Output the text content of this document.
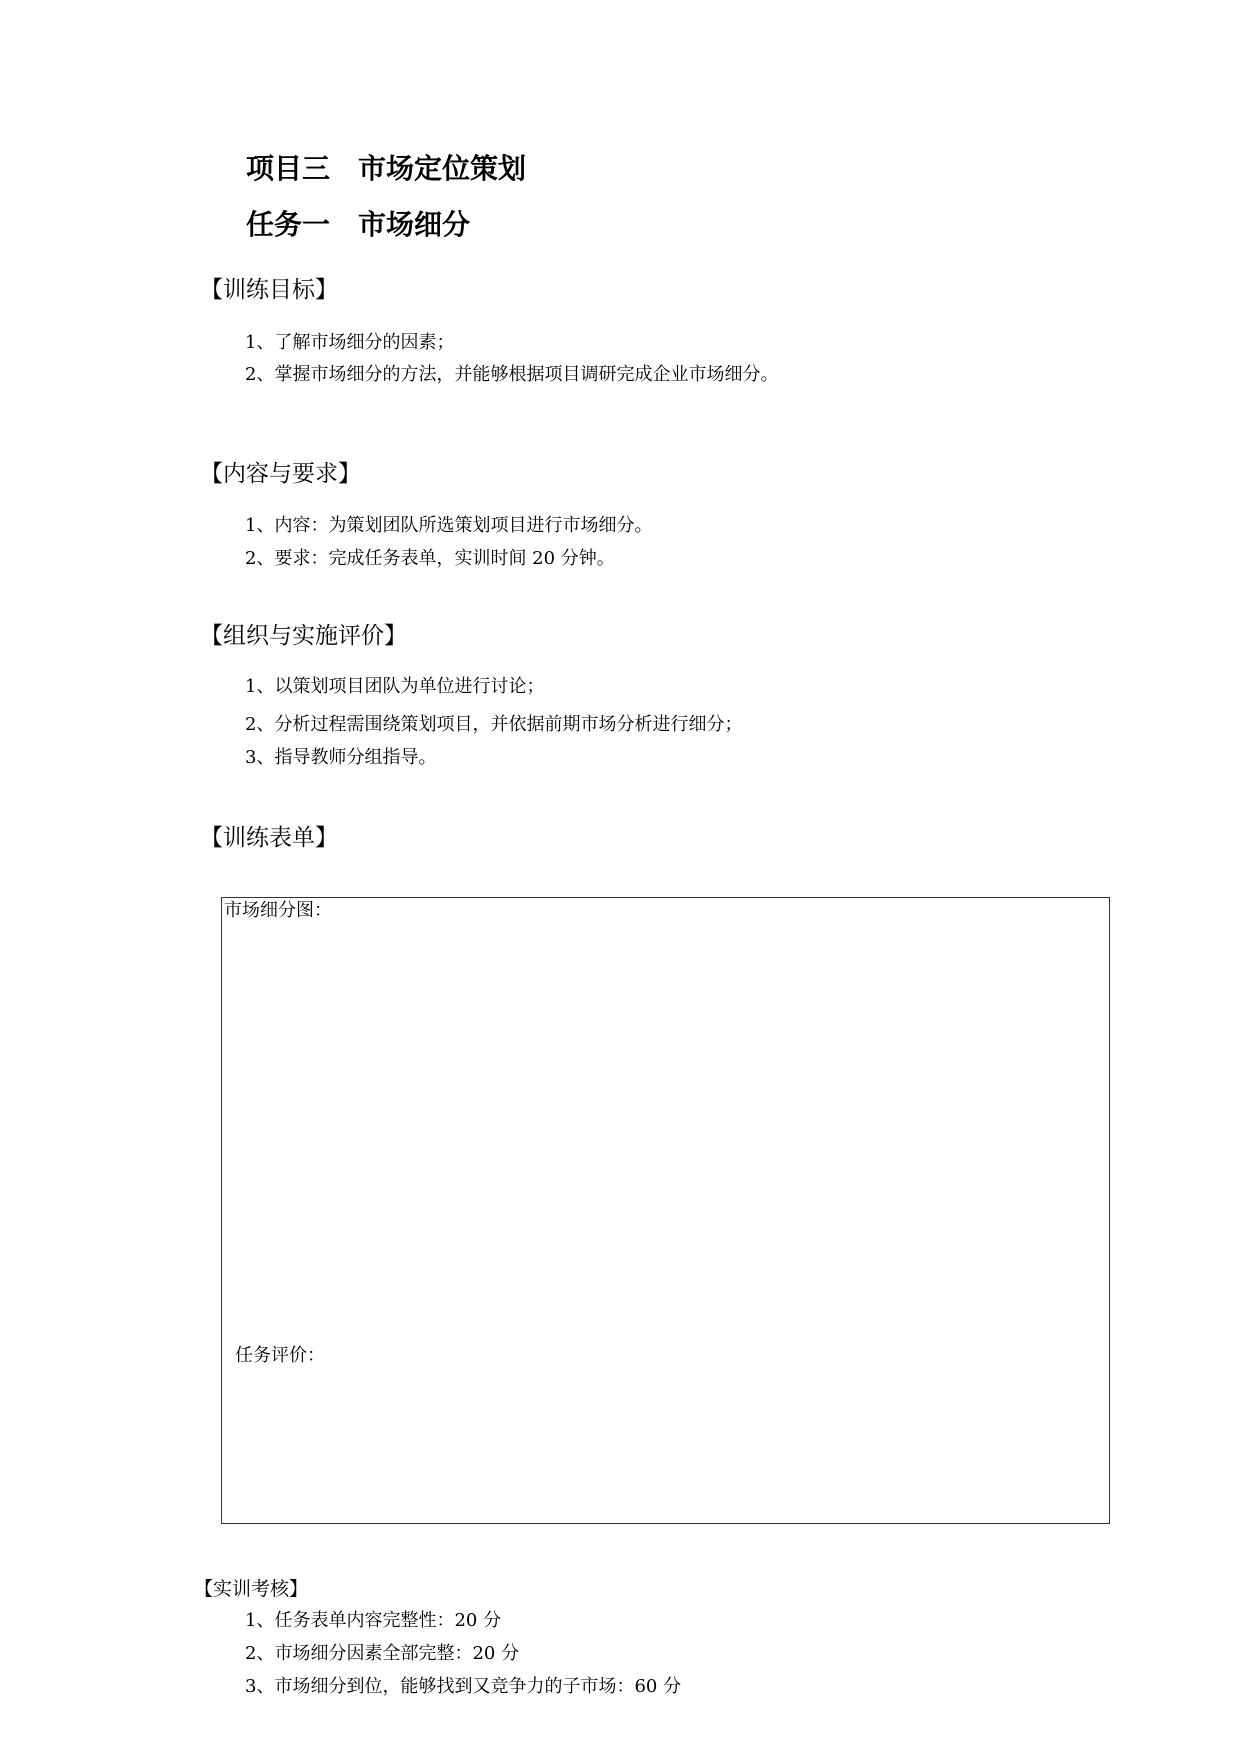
项目三　市场定位策划
任务一　市场细分
【训练目标】
1、了解市场细分的因素；
2、掌握市场细分的方法，并能够根据项目调研完成企业市场细分。
【内容与要求】
1、内容：为策划团队所选策划项目进行市场细分。
2、要求：完成任务表单，实训时间 20 分钟。
【组织与实施评价】
1、以策划项目团队为单位进行讨论；
2、分析过程需围绕策划项目，并依据前期市场分析进行细分；
3、指导教师分组指导。
【训练表单】
市场细分图：
任务评价：
【实训考核】
1、任务表单内容完整性：20 分
2、市场细分因素全部完整：20 分
3、市场细分到位，能够找到又竞争力的子市场：60 分
